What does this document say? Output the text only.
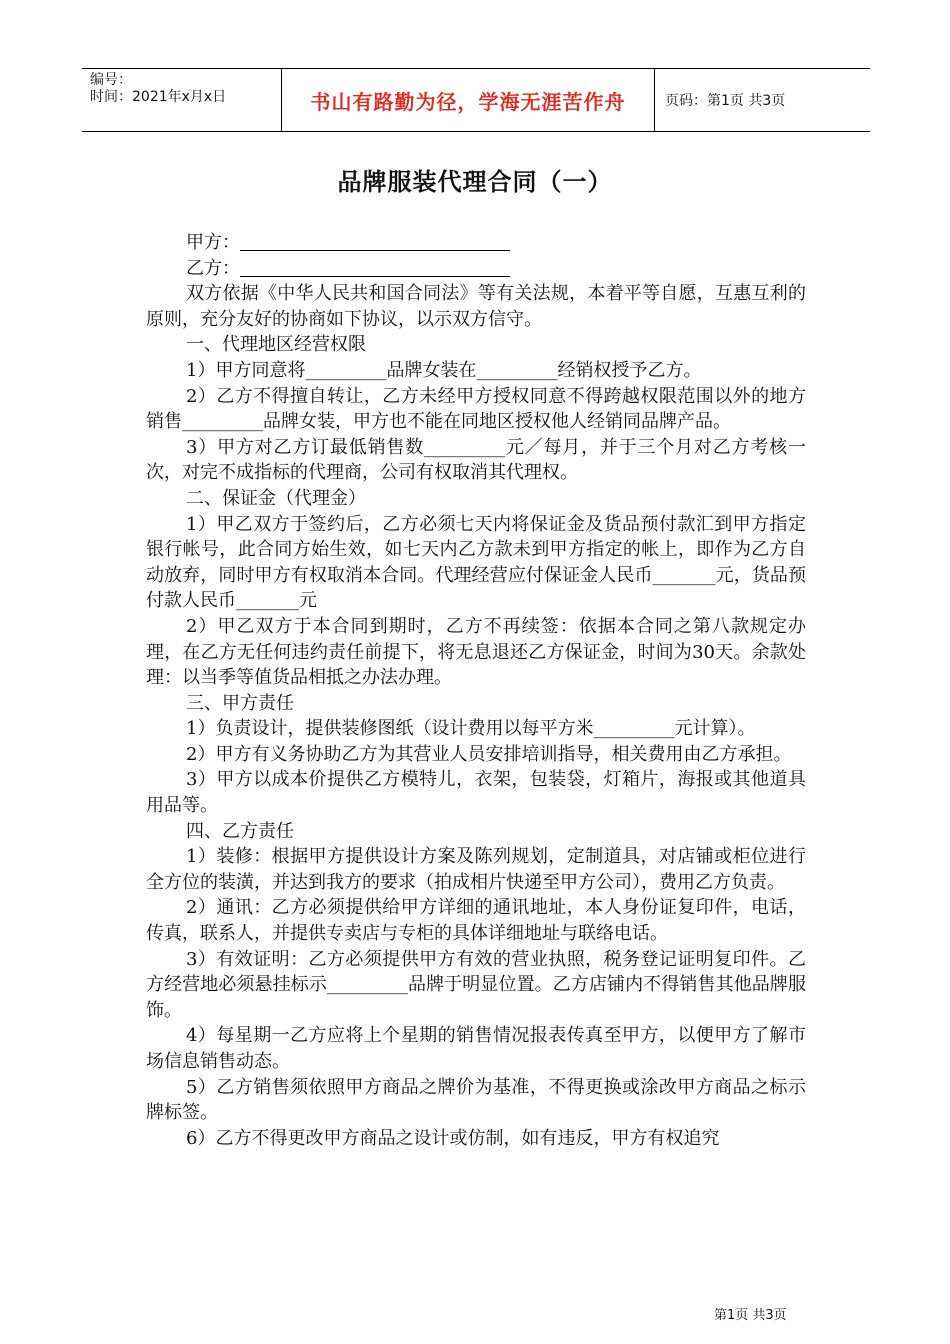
编号：
时间：2021年x月x日	书山有路勤为径，学海无涯苦作舟	页码：第1页 共3页
品牌服装代理合同（一）

甲方：

乙方：

双方依据《中华人民共和国合同法》等有关法规，本着平等自愿，互惠互利的原则，充分友好的协商如下协议，以示双方信守。

一、代理地区经营权限

1）甲方同意将_________品牌女装在_________经销权授予乙方。

2）乙方不得擅自转让，乙方未经甲方授权同意不得跨越权限范围以外的地方销售_________品牌女装，甲方也不能在同地区授权他人经销同品牌产品。

3）甲方对乙方订最低销售数_________元／每月，并于三个月对乙方考核一次，对完不成指标的代理商，公司有权取消其代理权。

二、保证金（代理金）

1）甲乙双方于签约后，乙方必须七天内将保证金及货品预付款汇到甲方指定银行帐号，此合同方始生效，如七天内乙方款未到甲方指定的帐上，即作为乙方自动放弃，同时甲方有权取消本合同。代理经营应付保证金人民币_______元，货品预付款人民币_______元

2）甲乙双方于本合同到期时，乙方不再续签：依据本合同之第八款规定办理，在乙方无任何违约责任前提下，将无息退还乙方保证金，时间为30天。余款处理：以当季等值货品相抵之办法办理。

三、甲方责任

1）负责设计，提供装修图纸（设计费用以每平方米_________元计算）。

2）甲方有义务协助乙方为其营业人员安排培训指导，相关费用由乙方承担。

3）甲方以成本价提供乙方模特儿，衣架，包装袋，灯箱片，海报或其他道具用品等。

四、乙方责任

1）装修：根据甲方提供设计方案及陈列规划，定制道具，对店铺或柜位进行全方位的装潢，并达到我方的要求（拍成相片快递至甲方公司），费用乙方负责。

2）通讯：乙方必须提供给甲方详细的通讯地址，本人身份证复印件，电话，传真，联系人，并提供专卖店与专柜的具体详细地址与联络电话。

3）有效证明：乙方必须提供甲方有效的营业执照，税务登记证明复印件。乙方经营地必须悬挂标示_________品牌于明显位置。乙方店铺内不得销售其他品牌服饰。

4）每星期一乙方应将上个星期的销售情况报表传真至甲方，以便甲方了解市场信息销售动态。

5）乙方销售须依照甲方商品之牌价为基准，不得更换或涂改甲方商品之标示牌标签。

6）乙方不得更改甲方商品之设计或仿制，如有违反，甲方有权追究

第1页 共3页
